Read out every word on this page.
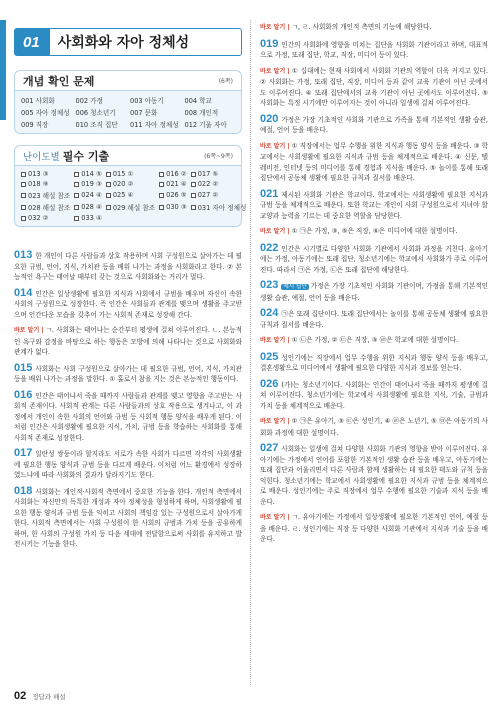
01	사회화와 자아 정체성
개념 확인 문제	(6쪽)
001 사회화	002 가정	003 아동기	004 학교
005 자아 정체성 006 청소년기 007 문화	008 개인적
009 직장	010 조직 집단 011 자아 정체성 012 기울 자아
난이도별 필수 기출	(6쪽~9쪽)
013 ③	014 ⑤ 015 ①	016 ② 017 ⑤
018 ⑨	019 ③ 020 ②	021 ④ 022 ②
023 해설 참조 024 ④ 025 ④	026 ⑤ 027 ②
028 해설 참조 028 ④ 029 해설 참조 030 ③ 031 자아 정체성
032 ②	033 ④
013 한 개인이 다른 사람들과 상호 작용하며 사회 구성원으로 살아가는 데 필요한 규범, 언어, 지식, 가치관 등을 배워 나가는 과정을 사회화라고 한다. ② 본능적인 욕구는 태어날 때부터 갖는 것으로 사회화와는 거리가 멀다.
014 인간은 일상생활에 필요한 지식과 사회에서 규범을 배우며 자신이 속한 사회의 구성원으로 성장한다. 즉 인간은 사회들과 관계를 맺으며 생활을 주고받으며 인간다운 모습을 갖추어 가는 사회적 존재로 성장해 간다.
바로 알기 | ㄱ. 사회화는 태어나는 순간부터 평생에 걸쳐 이루어진다. ㄴ. 본능적인 욕구와 감정을 바탕으로 하는 행동은 모방에 의해 나타나는 것으로 사회화와 관계가 없다.
015 사회화는 사회 구성원으로 살아가는 데 필요한 규범, 언어, 지식, 가치관 등을 배워 나가는 과정을 말한다. ① 홀로서 참을 지는 것은 본능적인 행동이다.
016 인간은 태어나서 죽을 때까지 사람들과 관계를 맺고 영향을 주고받는 사회적 존재이다. 사회적 관계는 다른 사람들과의 상호 작용으로 생겨나고, 이 과정에서 개인이 속한 사회의 언어와 규범 등 사회적 행동 양식을 배우게 된다. 이처럼 인간은 사회생활에 필요한 지식, 가치, 규범 등을 학습하는 사회화를 통해 사회적 존재로 성장한다.
017 일란성 쌍둥이라 할지라도 서로가 속한 사회가 다르면 각각의 사회생활에 필요한 행동 양식과 규범 등을 다르게 배운다. 이처럼 어느 환경에서 성장하였느냐에 따라 사회화의 결과가 달라지기도 한다.
018 사회화는 개인적·사회적 측면에서 중요한 기능을 한다. 개인적 측면에서 사회화는 자신만의 독특한 개성과 자아 정체성을 형성하게 하며, 사회생활에 필요한 행동 양식과 규범 등을 익히고 사회의 책임감 있는 구성원으로서 살아가게 한다. 사회적 측면에서는 사회 구성원이 한 사회의 규범과 가치 등을 공유하게 하며, 한 사회의 구성원 가치 등 다음 세대에 전달함으로써 사회를 유지하고 발전시키는 기능을 한다.
바로 알기 | ㄱ, ㄹ. 사회화의 개인적 측면의 기능에 해당한다.
019 인간의 사회화에 영향을 미치는 집단을 사회화 기관이라고 하며, 대표적으로 가정, 또래 집단, 학교, 직장, 미디어 등이 있다.
바로 알기 | ① 십대에는 현재 사회에서 사회화 기관의 역할이 더욱 커지고 있다. ② 사회화는 가정, 또래 집단, 직장, 미디어 등과 같이 교육 기관이 아닌 곳에서도 이루어진다. ④ 또래 집단에서의 교육 기관이 아닌 곳에서도 이루어진다. ⑤ 사회화는 특정 시기에만 이루어지는 것이 아니라 일생에 걸쳐 이루어진다.
020 가정은 가장 기초적인 사회화 기관으로 가족을 통해 기본적인 생활 습관, 예절, 언어 등을 배운다.
바로 알기 | ① 직장에서는 업무 수행을 위한 지식과 행동 양식 등을 배운다. ③ 학교에서는 사회생활에 필요한 지식과 규범 등을 체계적으로 배운다. ④ 신문, 텔레비전, 인터넷 등의 미디어를 통해 경험과 지식을 배운다. ⑤ 놀이를 통해 또래 집단에서 공동체 생활에 필요한 규칙과 질서를 배운다.
021 제시된 사회화 기관은 학교이다. 학교에서는 사회생활에 필요한 지식과 규범 등을 체계적으로 배운다. 또한 학교는 개인이 사회 구성원으로서 지녀야 할 교양과 능력을 기르는 데 중요한 역할을 담당한다.
바로 알기 | ① ㉠은 가정, ③, ⑤은 직장, ⑥은 미디어에 대한 설명이다.
022 인간은 시기별로 다양한 사회화 기관에서 사회화 과정을 거친다. 유아기에는 가정, 아동기에는 또래 집단, 청소년기에는 학교에서 사회화가 주로 이루어진다. 따라서 ㉠은 가정, ㉡은 또래 집단에 해당한다.
023 예시 답안 가정은 가장 기초적인 사회화 기관이며, 가정을 통해 기본적인 생활 습관, 예절, 언어 등을 배운다.
024 ㉠은 또래 집단이다. 또래 집단에서는 놀이를 통해 공동체 생활에 필요한 규칙과 질서를 배운다.
바로 알기 | ① ㉡은 가정, ② ㉢은 직장, ③ ㉣은 학교에 대한 설명이다.
025 성인기에는 직장에서 업무 수행을 위한 지식과 행동 양식 등을 배우고, 결혼생활으로 미디어에서 생활에 필요한 다양한 지식과 경보를 얻는다.
026 (가)는 청소년기이다. 사회화는 인간이 태어나서 죽을 때까지 평생에 걸쳐 이루어진다. 청소년기에는 학교에서 사회생활에 필요한 지식, 기술, 규범과 가치 등을 체계적으로 배운다.
바로 알기 | ① ㉠은 유아기, ③ ㉢은 성인기, ④ ㉣은 노년기, ⑤ ㉤은 아동기의 사회화 과정에 대한 설명이다.
027 사회화는 일생에 걸쳐 다양한 사회화 기관의 영향을 받아 이루어진다. 유아기에는 가정에서 언어를 포함한 기본적인 생활 습관 등을 배우고, 아동기에는 또래 집단과 어울리면서 다른 사람과 함께 생활하는 데 필요한 태도와 규칙 등을 익힌다. 청소년기에는 학교에서 사회생활에 필요한 지식과 규범 등을 체계적으로 배운다. 성인기에는 주로 직장에서 업무 수행에 필요한 기술과 지식 등을 배운다.
바로 알기 | ㄱ. 유아기에는 가정에서 일상생활에 필요한 기본적인 언어, 예절 등을 배운다. ㄹ. 성인기에는 직장 등 다양한 사회화 기관에서 지식과 기술 등을 배운다.
02 정답과 해설
